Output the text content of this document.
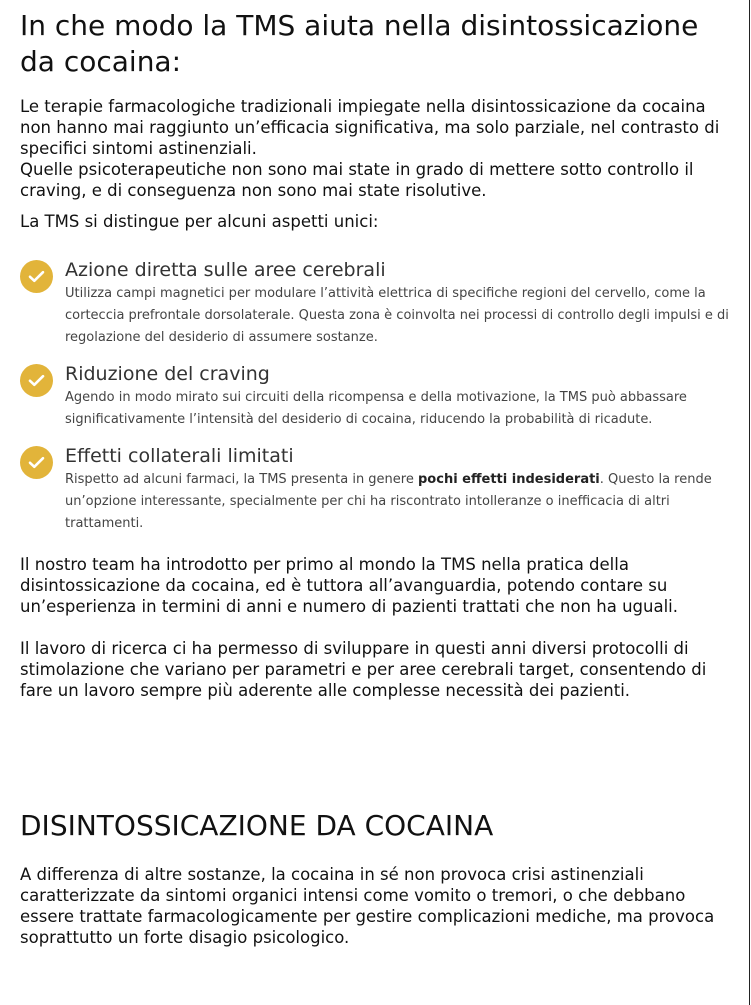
In che modo la TMS aiuta nella disintossicazione da cocaina:

Le terapie farmacologiche tradizionali impiegate nella disintossicazione da cocaina non hanno mai raggiunto un’efficacia significativa, ma solo parziale, nel contrasto di specifici sintomi astinenziali.
Quelle psicoterapeutiche non sono mai state in grado di mettere sotto controllo il craving, e di conseguenza non sono mai state risolutive.

La TMS si distingue per alcuni aspetti unici:

Azione diretta sulle aree cerebrali

Utilizza campi magnetici per modulare l’attività elettrica di specifiche regioni del cervello, come la corteccia prefrontale dorsolaterale. Questa zona è coinvolta nei processi di controllo degli impulsi e di regolazione del desiderio di assumere sostanze.

Riduzione del craving

Agendo in modo mirato sui circuiti della ricompensa e della motivazione, la TMS può abbassare significativamente l’intensità del desiderio di cocaina, riducendo la probabilità di ricadute.

Effetti collaterali limitati

Rispetto ad alcuni farmaci, la TMS presenta in genere pochi effetti indesiderati. Questo la rende un’opzione interessante, specialmente per chi ha riscontrato intolleranze o inefficacia di altri trattamenti.

Il nostro team ha introdotto per primo al mondo la TMS nella pratica della disintossicazione da cocaina, ed è tuttora all’avanguardia, potendo contare su un’esperienza in termini di anni e numero di pazienti trattati che non ha uguali.

Il lavoro di ricerca ci ha permesso di sviluppare in questi anni diversi protocolli di stimolazione che variano per parametri e per aree cerebrali target, consentendo di fare un lavoro sempre più aderente alle complesse necessità dei pazienti.

DISINTOSSICAZIONE DA COCAINA

A differenza di altre sostanze, la cocaina in sé non provoca crisi astinenziali caratterizzate da sintomi organici intensi come vomito o tremori, o che debbano essere trattate farmacologicamente per gestire complicazioni mediche, ma provoca soprattutto un forte disagio psicologico.
